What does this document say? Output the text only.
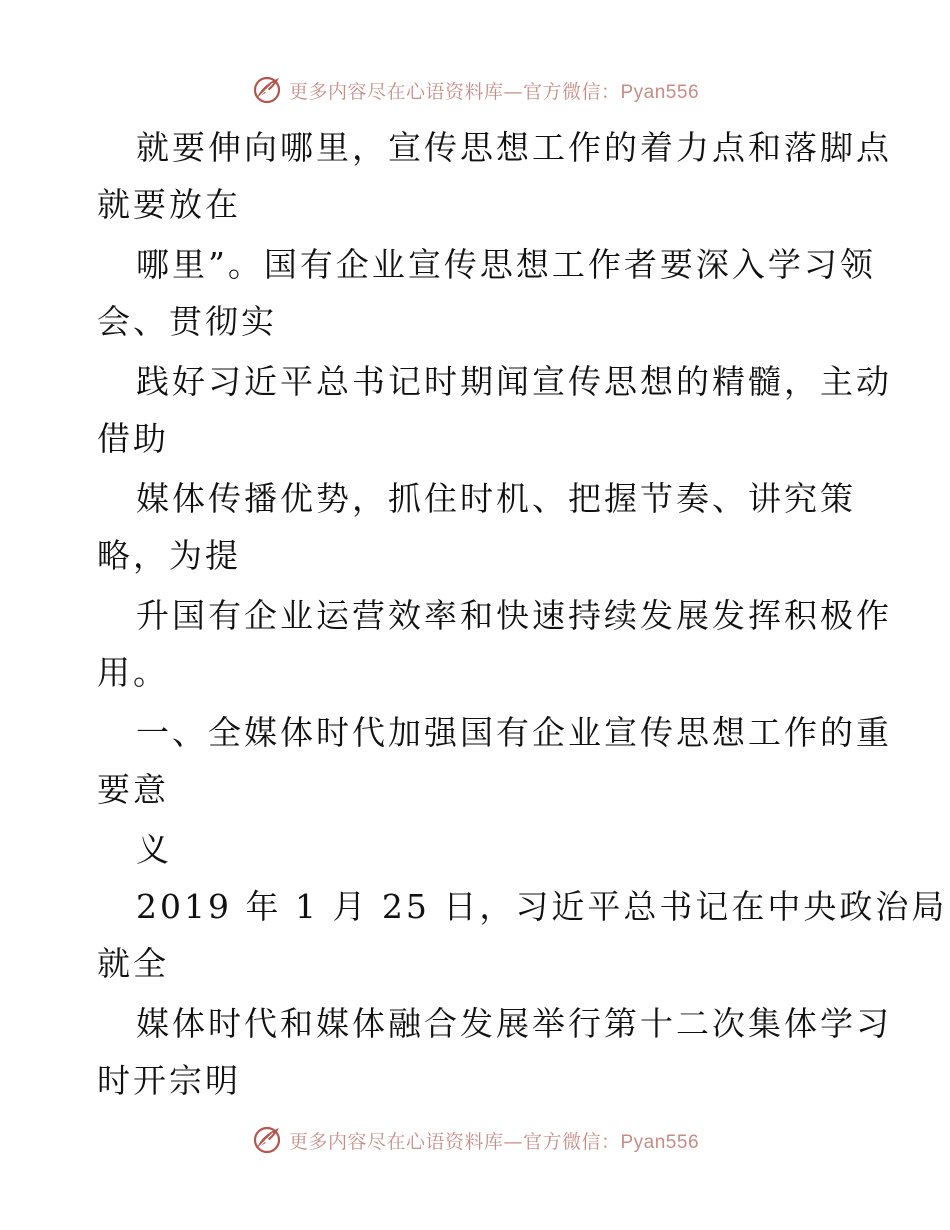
更多内容尽在心语资料库—官方微信：Pyan556
就要伸向哪里，宣传思想工作的着力点和落脚点
就要放在
哪里”。国有企业宣传思想工作者要深入学习领
会、贯彻实
践好习近平总书记时期闻宣传思想的精髓，主动
借助
媒体传播优势，抓住时机、把握节奏、讲究策
略，为提
升国有企业运营效率和快速持续发展发挥积极作
用。
一、全媒体时代加强国有企业宣传思想工作的重
要意
义
2019 年 1 月 25 日，习近平总书记在中央政治局
就全
媒体时代和媒体融合发展举行第十二次集体学习
时开宗明
更多内容尽在心语资料库—官方微信：Pyan556
